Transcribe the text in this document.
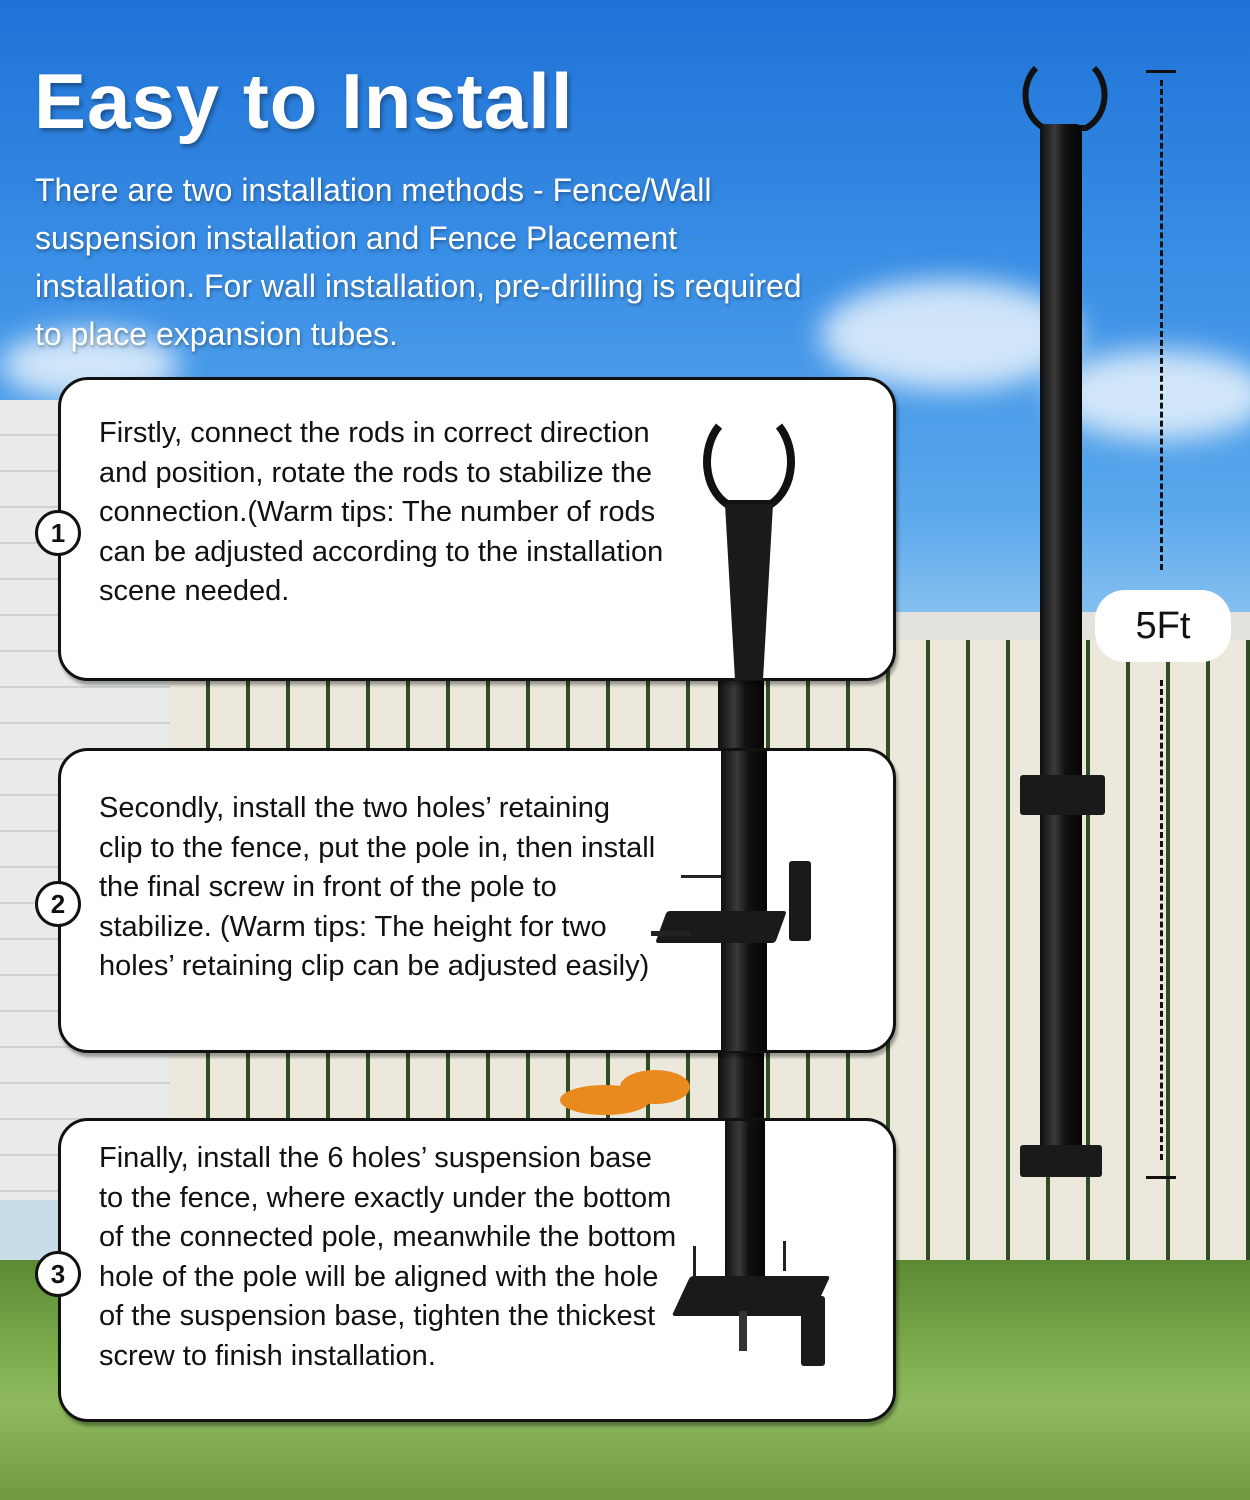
Easy to Install

There are two installation methods - Fence/Wall suspension installation and Fence Placement installation. For wall installation, pre-drilling is required to place expansion tubes.

1

Firstly, connect the rods in correct direction and position, rotate the rods to stabilize the connection.(Warm tips: The number of rods can be adjusted according to the installation scene needed.

2

Secondly, install the two holes’ retaining clip to the fence, put the pole in, then install the final screw in front of the pole to stabilize. (Warm tips: The height for two holes’ retaining clip can be adjusted easily)

3

Finally, install the 6 holes’ suspension base to the fence, where exactly under the bottom of the connected pole, meanwhile the bottom hole of the pole will be aligned with the hole of the suspension base, tighten the thickest screw to finish installation.

5Ft
